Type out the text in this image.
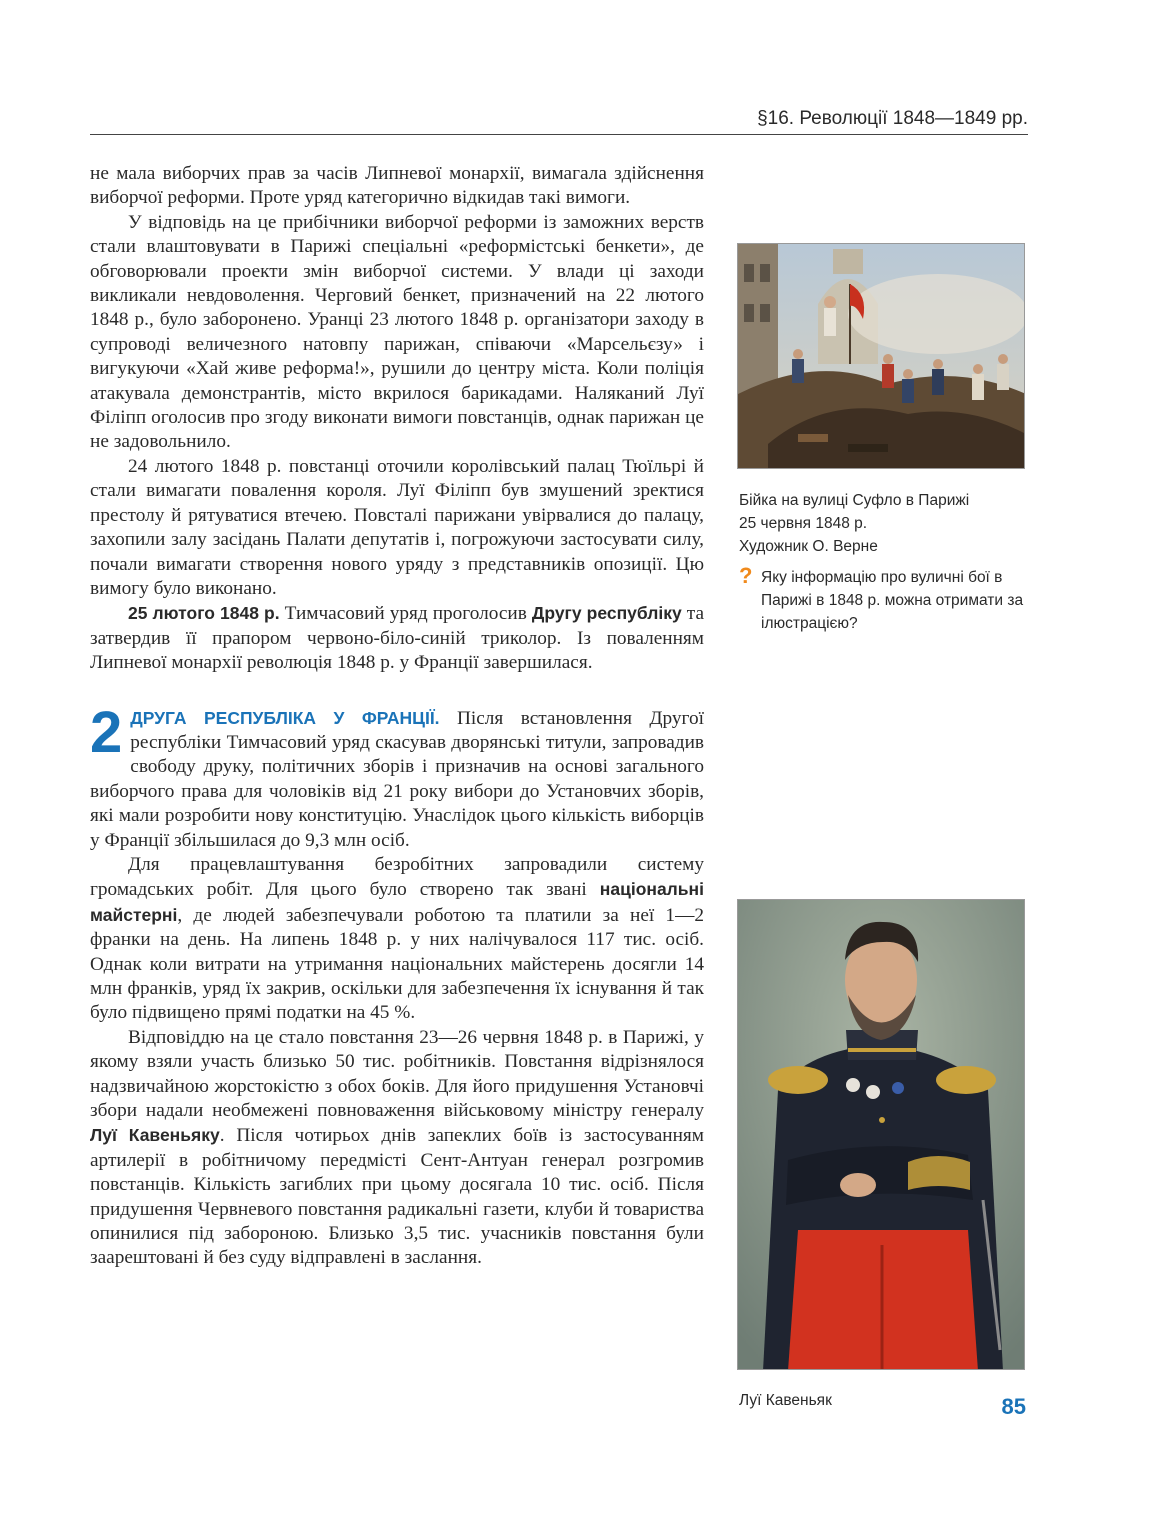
§16. Революції 1848—1849 рр.

не мала виборчих прав за часів Липневої монархії, вимагала здійснення виборчої реформи. Проте уряд категорично відкидав такі вимоги.

У відповідь на це прибічники виборчої реформи із заможних верств стали влаштовувати в Парижі спеціальні «реформістські бенкети», де обговорювали проекти змін виборчої системи. У влади ці заходи викликали невдоволення. Черговий бенкет, призначений на 22 лютого 1848 р., було заборонено. Уранці 23 лютого 1848 р. організатори заходу в супроводі величезного натовпу парижан, співаючи «Марсельєзу» і вигукуючи «Хай живе реформа!», рушили до центру міста. Коли поліція атакувала демонстрантів, місто вкрилося барикадами. Наляканий Луї Філіпп оголосив про згоду виконати вимоги повстанців, однак парижан це не задовольнило.

24 лютого 1848 р. повстанці оточили королівський палац Тюїльрі й стали вимагати повалення короля. Луї Філіпп був змушений зректися престолу й рятуватися втечею. Повсталі парижани увірвалися до палацу, захопили залу засідань Палати депутатів і, погрожуючи застосувати силу, почали вимагати створення нового уряду з представників опозиції. Цю вимогу було виконано.

25 лютого 1848 р. Тимчасовий уряд проголосив Другу республіку та затвердив її прапором червоно-біло-синій триколор. Із поваленням Липневої монархії революція 1848 р. у Франції завершилася.

2 ДРУГА РЕСПУБЛІКА У ФРАНЦІЇ. Після встановлення Другої республіки Тимчасовий уряд скасував дворянські титули, запровадив свободу друку, політичних зборів і призначив на основі загального виборчого права для чоловіків від 21 року вибори до Установчих зборів, які мали розробити нову конституцію. Унаслідок цього кількість виборців у Франції збільшилася до 9,3 млн осіб.

Для працевлаштування безробітних запровадили систему громадських робіт. Для цього було створено так звані національні майстерні, де людей забезпечували роботою та платили за неї 1—2 франки на день. На липень 1848 р. у них налічувалося 117 тис. осіб. Однак коли витрати на утримання національних майстерень досягли 14 млн франків, уряд їх закрив, оскільки для забезпечення їх існування й так було підвищено прямі податки на 45 %.

Відповіддю на це стало повстання 23—26 червня 1848 р. в Парижі, у якому взяли участь близько 50 тис. робітників. Повстання відрізнялося надзвичайною жорстокістю з обох боків. Для його придушення Установчі збори надали необмежені повноваження військовому міністру генералу Луї Кавеньяку. Після чотирьох днів запеклих боїв із застосуванням артилерії в робітничому передмісті Сент-Антуан генерал розгромив повстанців. Кількість загиблих при цьому досягала 10 тис. осіб. Після придушення Червневого повстання радикальні газети, клуби й товариства опинилися під забороною. Близько 3,5 тис. учасників повстання були заарештовані й без суду відправлені в заслання.

Бійка на вулиці Суфло в Парижі
25 червня 1848 р.
Художник О. Верне
? Яку інформацію про вуличні бої в Парижі в 1848 р. можна отримати за ілюстрацією?
Луї Кавеньяк	85
